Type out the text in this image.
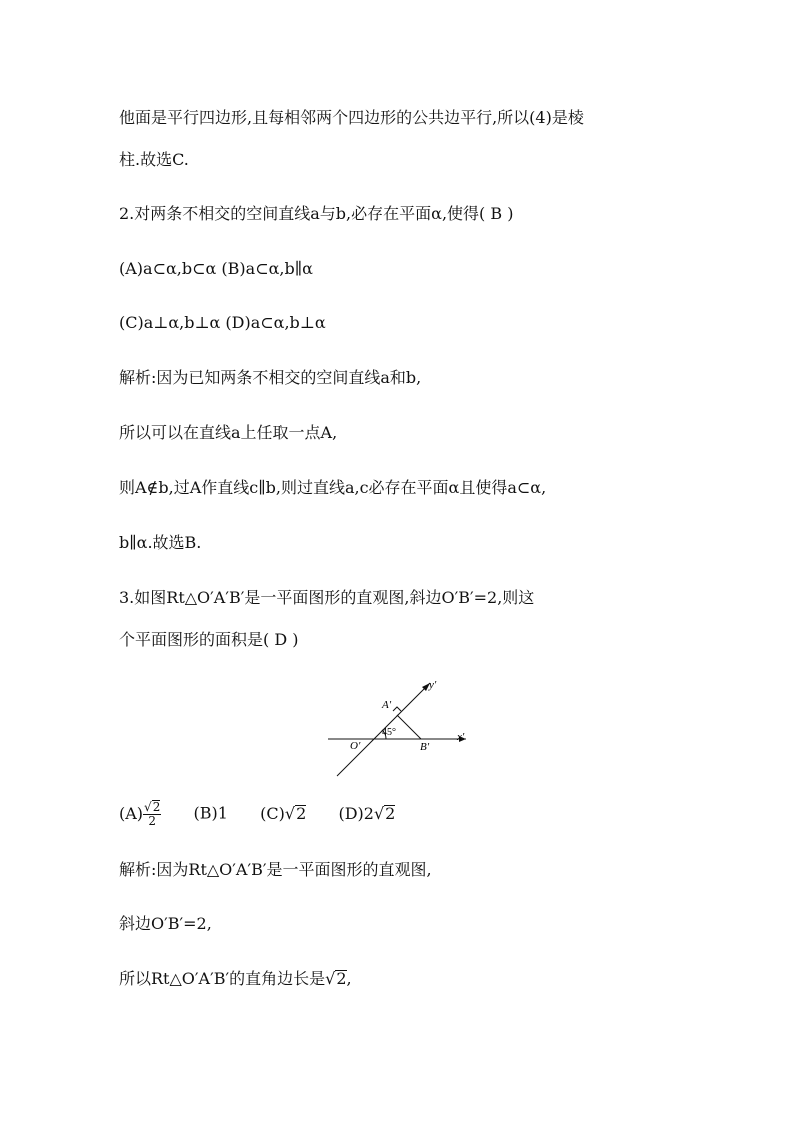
他面是平行四边形,且每相邻两个四边形的公共边平行,所以(4)是棱
柱.故选C.
2.对两条不相交的空间直线a与b,必存在平面α,使得( B )
(A)a⊂α,b⊂α (B)a⊂α,b∥α
(C)a⊥α,b⊥α (D)a⊂α,b⊥α
解析:因为已知两条不相交的空间直线a和b,
所以可以在直线a上任取一点A,
则A∉b,过A作直线c∥b,则过直线a,c必存在平面α且使得a⊂α,
b∥α.故选B.
3.如图Rt△O′A′B′是一平面图形的直观图,斜边O′B′=2,则这
个平面图形的面积是( D )
y′
x′
A′
O′	B′
45°
$(A) \frac{√2}{2} (B)1$ (C)√2 (D)2√2
解析:因为Rt△O′A′B′是一平面图形的直观图,
斜边O′B′=2,
所以Rt△O′A′B′的直角边长是√2,
